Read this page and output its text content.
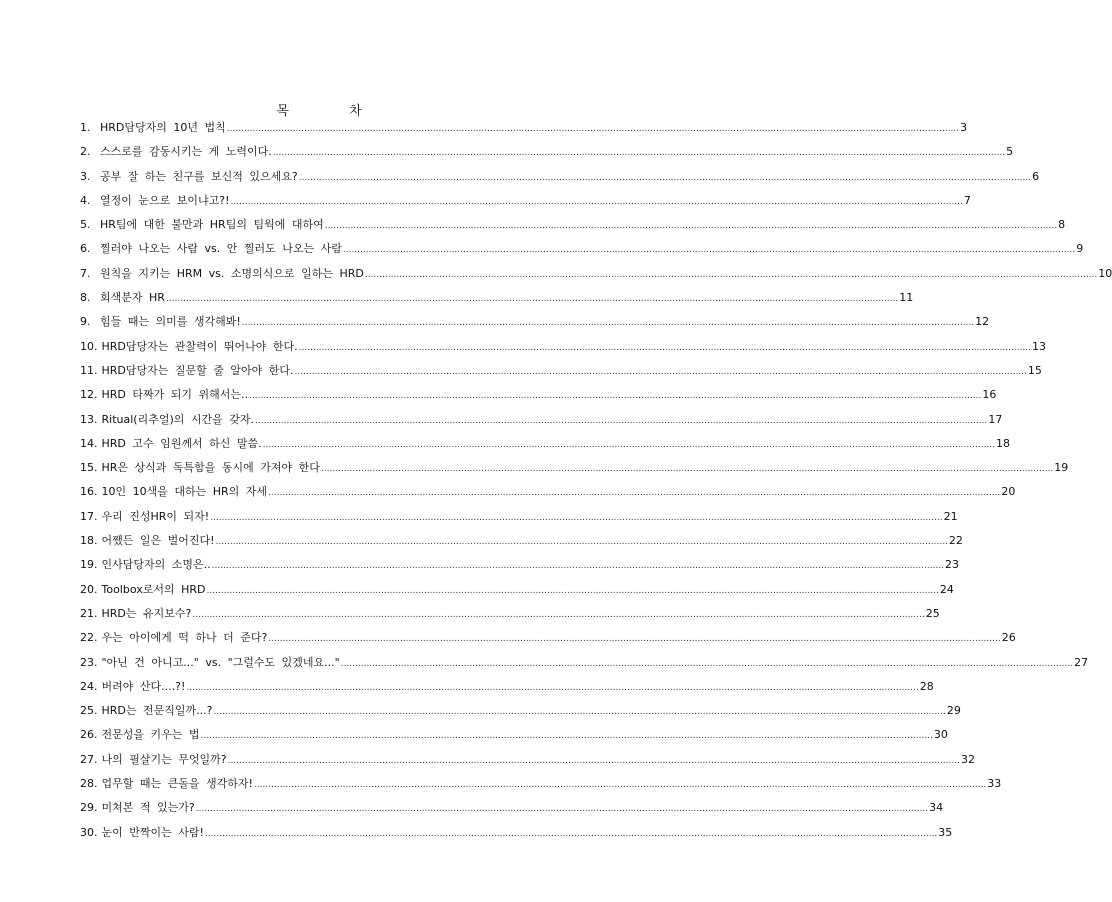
목 차
1. HRD담당자의 10년 법칙 .....	3
2. 스스로를 감동시키는 게 노력이다. .....	5
3. 공부 잘 하는 친구를 보신적 있으세요? .....	6
4. 열정이 눈으로 보이냐고?! .....	7
5. HR팀에 대한 불만과 HR팀의 팀웍에 대하여 .....	8
6. 찔러야 나오는 사람 vs. 안 찔러도 나오는 사람 .....	9
7. 원칙을 지키는 HRM vs. 소명의식으로 일하는 HRD .....	10
8. 회색분자 HR .....	11
9. 힘들 때는 의미를 생각해봐! .....	12
10. HRD담당자는 관찰력이 뛰어나야 한다. .....	13
11. HRD담당자는 질문할 줄 알아야 한다. .....	15
12. HRD 타짜가 되기 위해서는.. .....	16
13. Ritual(리추얼)의 시간을 갖자. .....	17
14. HRD 고수 임원께서 하신 말씀. .....	18
15. HR은 상식과 독특함을 동시에 가져야 한다 .....	19
16. 10인 10색을 대하는 HR의 자세 .....	20
17. 우리 진성HR이 되자! .....	21
18. 어쨌든 일은 벌어진다! .....	22
19. 인사담당자의 소명은.. .....	23
20. Toolbox로서의 HRD .....	24
21. HRD는 유지보수? .....	25
22. 우는 아이에게 떡 하나 더 준다? .....	26
23. "아닌 건 아니고..." vs. "그럴수도 있겠네요..." .....	27
24. 버려야 산다....?! .....	28
25. HRD는 전문직일까...? .....	29
26. 전문성을 키우는 법 .....	30
27. 나의 필살기는 무엇일까? .....	32
28. 업무할 때는 큰돌을 생각하자! .....	33
29. 미쳐본 적 있는가? .....	34
30. 눈이 반짝이는 사람! .....	35
